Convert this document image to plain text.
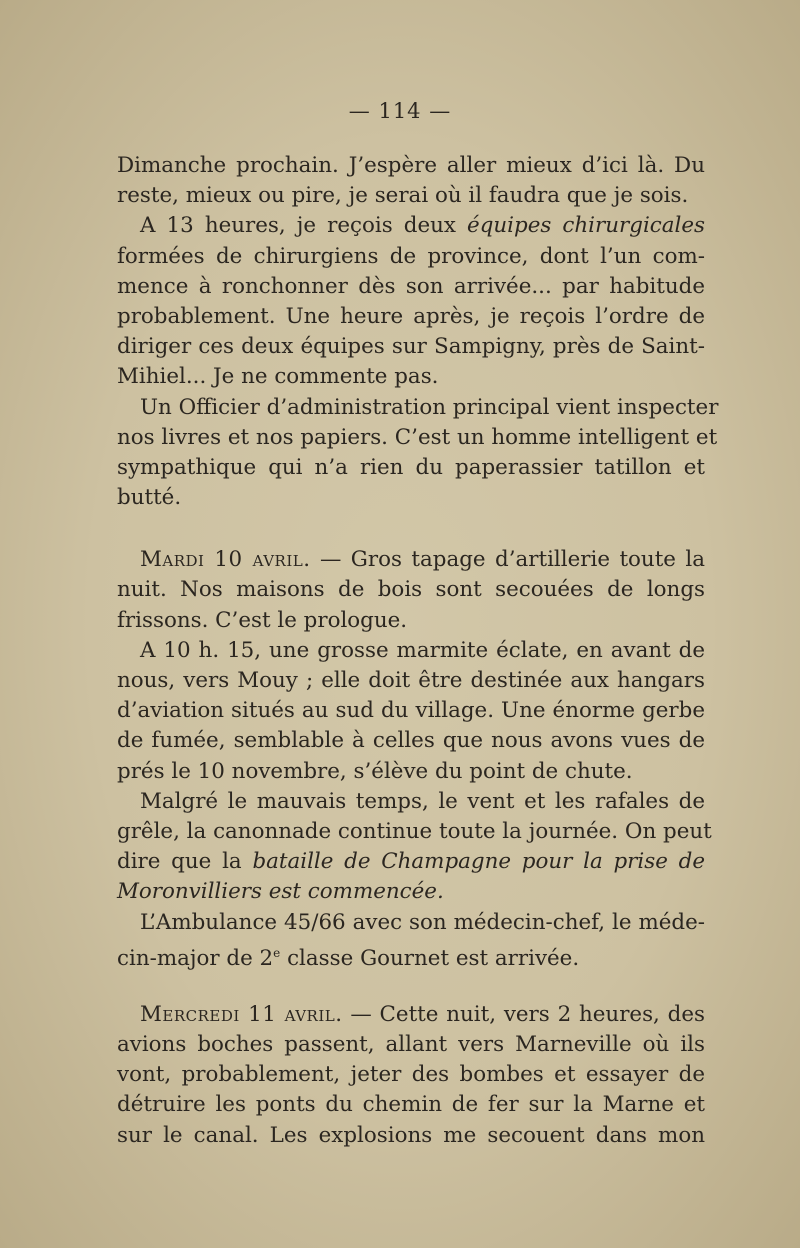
— 114 —
Dimanche prochain. J’espère aller mieux d’ici là. Du
reste, mieux ou pire, je serai où il faudra que je sois.
A 13 heures, je reçois deux équipes chirurgicales
formées de chirurgiens de province, dont l’un com-
mence à ronchonner dès son arrivée... par habitude
probablement. Une heure après, je reçois l’ordre de
diriger ces deux équipes sur Sampigny, près de Saint-
Mihiel... Je ne commente pas.
Un Officier d’administration principal vient inspecter
nos livres et nos papiers. C’est un homme intelligent et
sympathique qui n’a rien du paperassier tatillon et
butté.
Mardi 10 avril. — Gros tapage d’artillerie toute la
nuit. Nos maisons de bois sont secouées de longs
frissons. C’est le prologue.
A 10 h. 15, une grosse marmite éclate, en avant de
nous, vers Mouy ; elle doit être destinée aux hangars
d’aviation situés au sud du village. Une énorme gerbe
de fumée, semblable à celles que nous avons vues de
prés le 10 novembre, s’élève du point de chute.
Malgré le mauvais temps, le vent et les rafales de
grêle, la canonnade continue toute la journée. On peut
dire que la bataille de Champagne pour la prise de
Moronvilliers est commencée.
L’Ambulance 45/66 avec son médecin-chef, le méde-
cin-major de 2e classe Gournet est arrivée.
Mercredi 11 avril. — Cette nuit, vers 2 heures, des
avions boches passent, allant vers Marneville où ils
vont, probablement, jeter des bombes et essayer de
détruire les ponts du chemin de fer sur la Marne et
sur le canal. Les explosions me secouent dans mon
